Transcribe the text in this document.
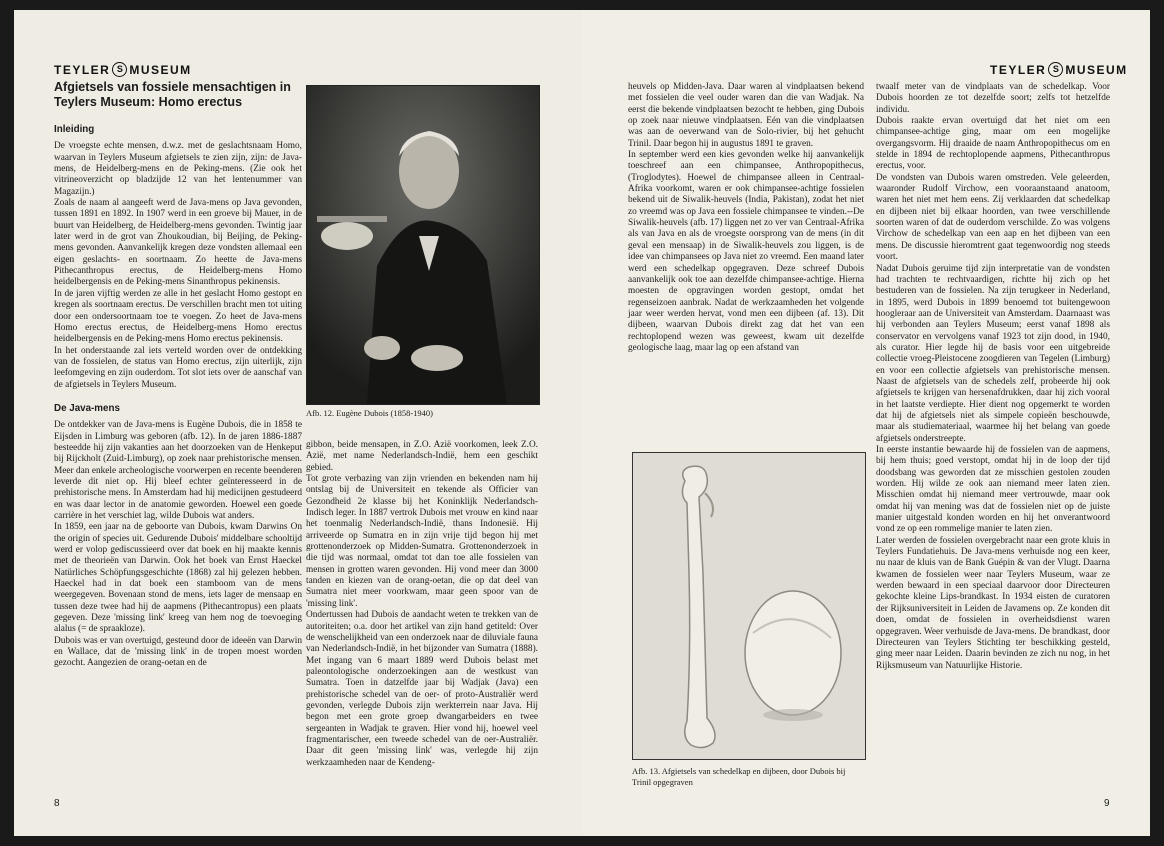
TEYLER S MUSEUM
Afgietsels van fossiele mensachtigen in
Teylers Museum: Homo erectus
Inleiding

De vroegste echte mensen, d.w.z. met de geslachtsnaam Homo, waarvan in Teylers Museum afgietsels te zien zijn, zijn: de Java-mens, de Heidelberg-mens en de Peking-mens. (Zie ook het vitrineoverzicht op bladzijde 12 van het lentenummer van Magazijn.)

Zoals de naam al aangeeft werd de Java-mens op Java gevonden, tussen 1891 en 1892. In 1907 werd in een groeve bij Mauer, in de buurt van Heidelberg, de Heidelberg-mens gevonden. Twintig jaar later werd in de grot van Zhoukoudian, bij Beijing, de Peking-mens gevonden. Aanvankelijk kregen deze vondsten allemaal een eigen geslachts- en soortnaam. Zo heette de Java-mens Pithecanthropus erectus, de Heidelberg-mens Homo heidelbergensis en de Peking-mens Sinanthropus pekinensis.

In de jaren vijftig werden ze alle in het geslacht Homo gestopt en kregen als soortnaam erectus. De verschillen bracht men tot uiting door een ondersoortnaam toe te voegen. Zo heet de Java-mens Homo erectus erectus, de Heidelberg-mens Homo erectus heidelbergensis en de Peking-mens Homo erectus pekinensis.

In het onderstaande zal iets verteld worden over de ontdekking van de fossielen, de status van Homo erectus, zijn uiterlijk, zijn leefomgeving en zijn ouderdom. Tot slot iets over de aanschaf van de afgietsels in Teylers Museum.

De Java-mens

De ontdekker van de Java-mens is Eugène Dubois, die in 1858 te Eijsden in Limburg was geboren (afb. 12). In de jaren 1886-1887 besteedde hij zijn vakanties aan het doorzoeken van de Henkeput bij Rijckholt (Zuid-Limburg), op zoek naar prehistorische mensen. Meer dan enkele archeologische voorwerpen en recente beenderen leverde dit niet op. Hij bleef echter geïnteresseerd in de prehistorische mens. In Amsterdam had hij medicijnen gestudeerd en was daar lector in de anatomie geworden. Hoewel een goede carrière in het verschiet lag, wilde Dubois wat anders.

In 1859, een jaar na de geboorte van Dubois, kwam Darwins On the origin of species uit. Gedurende Dubois' middelbare schooltijd werd er volop gediscussieerd over dat boek en hij maakte kennis met de theorieën van Darwin. Ook het boek van Ernst Haeckel Natürliches Schöpfungsgeschichte (1868) zal hij gelezen hebben. Haeckel had in dat boek een stamboom van de mens weergegeven. Bovenaan stond de mens, iets lager de mensaap en tussen deze twee had hij de aapmens (Pithecantropus) een plaats gegeven. Deze 'missing link' kreeg van hem nog de toevoeging alalus (= de spraakloze).

Dubois was er van overtuigd, gesteund door de ideeën van Darwin en Wallace, dat de 'missing link' in de tropen moest worden gezocht. Aangezien de orang-oetan en de

Afb. 12. Eugène Dubois (1858-1940)

gibbon, beide mensapen, in Z.O. Azië voorkomen, leek Z.O. Azië, met name Nederlandsch-Indië, hem een geschikt gebied.

Tot grote verbazing van zijn vrienden en bekenden nam hij ontslag bij de Universiteit en tekende als Officier van Gezondheid 2e klasse bij het Koninklijk Nederlandsch-Indisch leger. In 1887 vertrok Dubois met vrouw en kind naar het toenmalig Nederlandsch-Indië, thans Indonesië. Hij arriveerde op Sumatra en in zijn vrije tijd begon hij met grottenonderzoek op Midden-Sumatra. Grottenonderzoek in die tijd was normaal, omdat tot dan toe alle fossielen van mensen in grotten waren gevonden. Hij vond meer dan 3000 tanden en kiezen van de orang-oetan, die op dat deel van Sumatra niet meer voorkwam, maar geen spoor van de 'missing link'.

Ondertussen had Dubois de aandacht weten te trekken van de autoriteiten; o.a. door het artikel van zijn hand getiteld: Over de wenschelijkheid van een onderzoek naar de diluviale fauna van Nederlandsch-Indië, in het bijzonder van Sumatra (1888). Met ingang van 6 maart 1889 werd Dubois belast met paleontologische onderzoekingen aan de westkust van Sumatra. Toen in datzelfde jaar bij Wadjak (Java) een prehistorische schedel van de oer- of proto-Australiër werd gevonden, verlegde Dubois zijn werkterrein naar Java. Hij begon met een grote groep dwangarbeiders en twee sergeanten in Wadjak te graven. Hier vond hij, hoewel veel fragmentarischer, een tweede schedel van de oer-Australiër. Daar dit geen 'missing link' was, verlegde hij zijn werkzaamheden naar de Kendeng-

8
TEYLER S MUSEUM

heuvels op Midden-Java. Daar waren al vindplaatsen bekend met fossielen die veel ouder waren dan die van Wadjak. Na eerst die bekende vindplaatsen bezocht te hebben, ging Dubois op zoek naar nieuwe vindplaatsen. Eén van die vindplaatsen was aan de oeverwand van de Solo-rivier, bij het gehucht Trinil. Daar begon hij in augustus 1891 te graven.

In september werd een kies gevonden welke hij aanvankelijk toeschreef aan een chimpansee, Anthropopithecus, (Troglodytes). Hoewel de chimpansee alleen in Centraal-Afrika voorkomt, waren er ook chimpansee-achtige fossielen bekend uit de Siwalik-heuvels (India, Pakistan), zodat het niet zo vreemd was op Java een fossiele chimpansee te vinden.--De Siwalik-heuvels (afb. 17) liggen net zo ver van Centraal-Afrika als van Java en als de vroegste oorsprong van de mens (in dit geval een mensaap) in de Siwalik-heuvels zou liggen, is de idee van chimpansees op Java niet zo vreemd. Een maand later werd een schedelkap opgegraven. Deze schreef Dubois aanvankelijk ook toe aan dezelfde chimpansee-achtige. Hierna moesten de opgravingen worden gestopt, omdat het regenseizoen aanbrak. Nadat de werkzaamheden het volgende jaar weer werden hervat, vond men een dijbeen (af. 13). Dit dijbeen, waarvan Dubois direkt zag dat het van een rechtoplopend wezen was geweest, kwam uit dezelfde geologische laag, maar lag op een afstand van

Afb. 13. Afgietsels van schedelkap en dijbeen, door Dubois bij
Trinil opgegraven

twaalf meter van de vindplaats van de schedelkap. Voor Dubois hoorden ze tot dezelfde soort; zelfs tot hetzelfde individu.

Dubois raakte ervan overtuigd dat het niet om een chimpansee-achtige ging, maar om een mogelijke overgangsvorm. Hij draaide de naam Anthropopithecus om en stelde in 1894 de rechtoplopende aapmens, Pithecanthropus erectus, voor.

De vondsten van Dubois waren omstreden. Vele geleerden, waaronder Rudolf Virchow, een vooraanstaand anatoom, waren het niet met hem eens. Zij verklaarden dat schedelkap en dijbeen niet bij elkaar hoorden, van twee verschillende soorten waren of dat de ouderdom verschilde. Zo was volgens Virchow de schedelkap van een aap en het dijbeen van een mens. De discussie hieromtrent gaat tegenwoordig nog steeds voort.

Nadat Dubois geruime tijd zijn interpretatie van de vondsten had trachten te rechtvaardigen, richtte hij zich op het bestuderen van de fossielen. Na zijn terugkeer in Nederland, in 1895, werd Dubois in 1899 benoemd tot buitengewoon hoogleraar aan de Universiteit van Amsterdam. Daarnaast was hij verbonden aan Teylers Museum; eerst vanaf 1898 als conservator en vervolgens vanaf 1923 tot zijn dood, in 1940, als curator. Hier legde hij de basis voor een uitgebreide collectie vroeg-Pleistocene zoogdieren van Tegelen (Limburg) en voor een collectie afgietsels van prehistorische mensen. Naast de afgietsels van de schedels zelf, probeerde hij ook afgietsels te krijgen van hersenafdrukken, daar hij zich vooral in het laatste verdiepte. Hier dient nog opgemerkt te worden dat hij de afgietsels niet als simpele copieën beschouwde, maar als studiemateriaal, waarmee hij het belang van goede afgietsels onderstreepte.

In eerste instantie bewaarde hij de fossielen van de aapmens, bij hem thuis; goed verstopt, omdat hij in de loop der tijd doodsbang was geworden dat ze misschien gestolen zouden worden. Hij wilde ze ook aan niemand meer laten zien. Misschien omdat hij niemand meer vertrouwde, maar ook omdat hij van mening was dat de fossielen niet op de juiste manier uitgestald konden worden en hij het onverantwoord vond ze op een rommelige manier te laten zien.

Later werden de fossielen overgebracht naar een grote kluis in Teylers Fundatiehuis. De Java-mens verhuisde nog een keer, nu naar de kluis van de Bank Guépin & van der Vlugt. Daarna kwamen de fossielen weer naar Teylers Museum, waar ze werden bewaard in een speciaal daarvoor door Directeuren gekochte kleine Lips-brandkast. In 1934 eisten de curatoren der Rijksuniversiteit in Leiden de Javamens op. Ze konden dit doen, omdat de fossielen in overheidsdienst waren opgegraven. Weer verhuisde de Java-mens. De brandkast, door Directeuren van Teylers Stichting ter beschikking gesteld, ging meer naar Leiden. Daarin bevinden ze zich nu nog, in het Rijksmuseum van Natuurlijke Historie.

9
